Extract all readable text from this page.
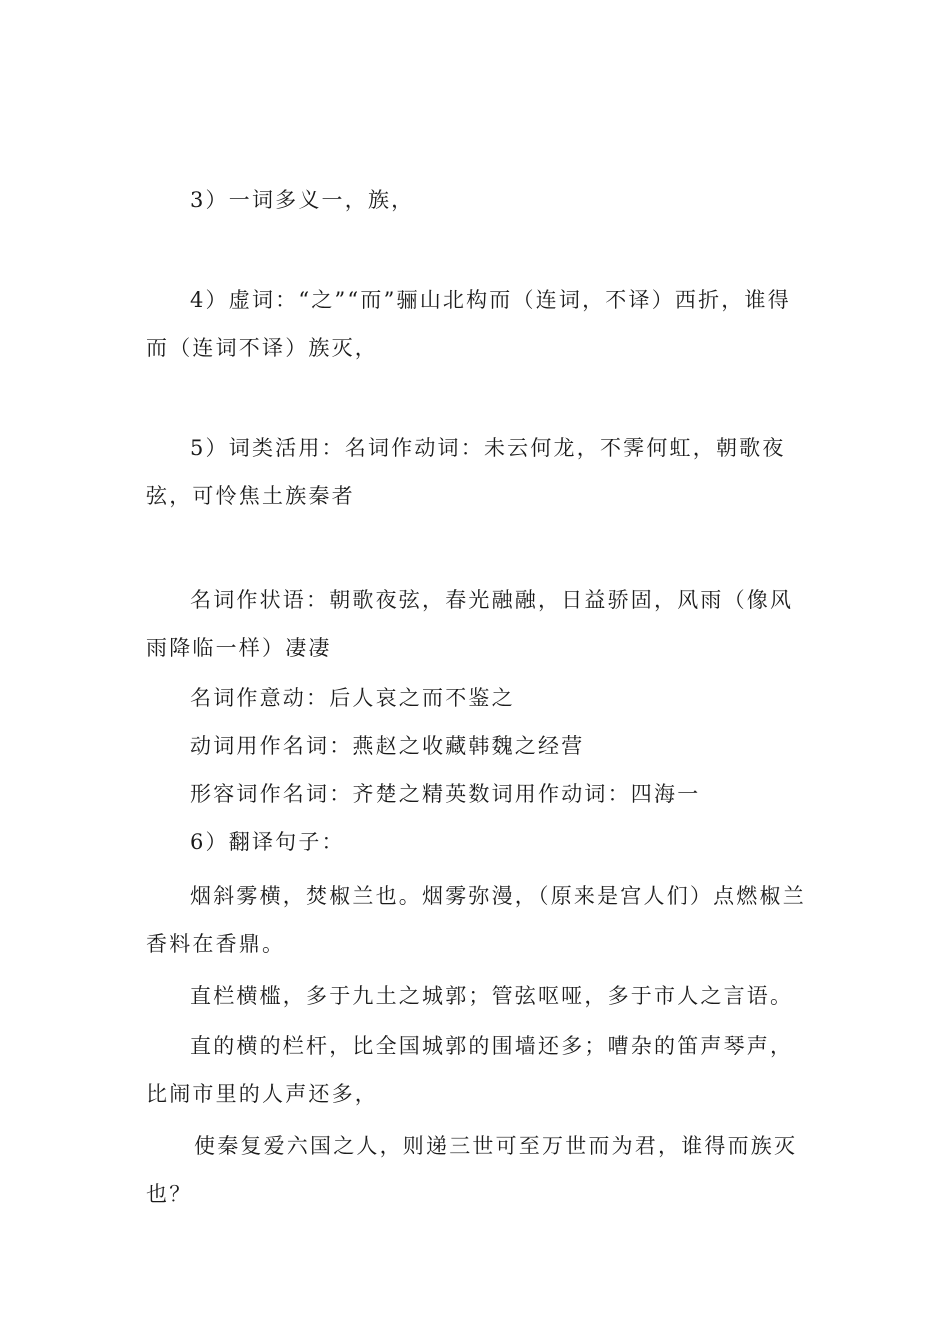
3）一词多义一，族，

4）虚词：“之”“而”骊山北构而（连词，不译）西折，谁得而（连词不译）族灭，

5）词类活用：名词作动词：未云何龙，不霁何虹，朝歌夜弦，可怜焦土族秦者

名词作状语：朝歌夜弦，春光融融，日益骄固，风雨（像风雨降临一样）凄凄

名词作意动：后人哀之而不鉴之

动词用作名词：燕赵之收藏韩魏之经营

形容词作名词：齐楚之精英数词用作动词：四海一

6）翻译句子：

烟斜雾横，焚椒兰也。烟雾弥漫，（原来是宫人们）点燃椒兰香料在香鼎。

直栏横槛，多于九土之城郭；管弦呕哑，多于市人之言语。

直的横的栏杆，比全国城郭的围墙还多；嘈杂的笛声琴声，比闹市里的人声还多，

使秦复爱六国之人，则递三世可至万世而为君，谁得而族灭也？
